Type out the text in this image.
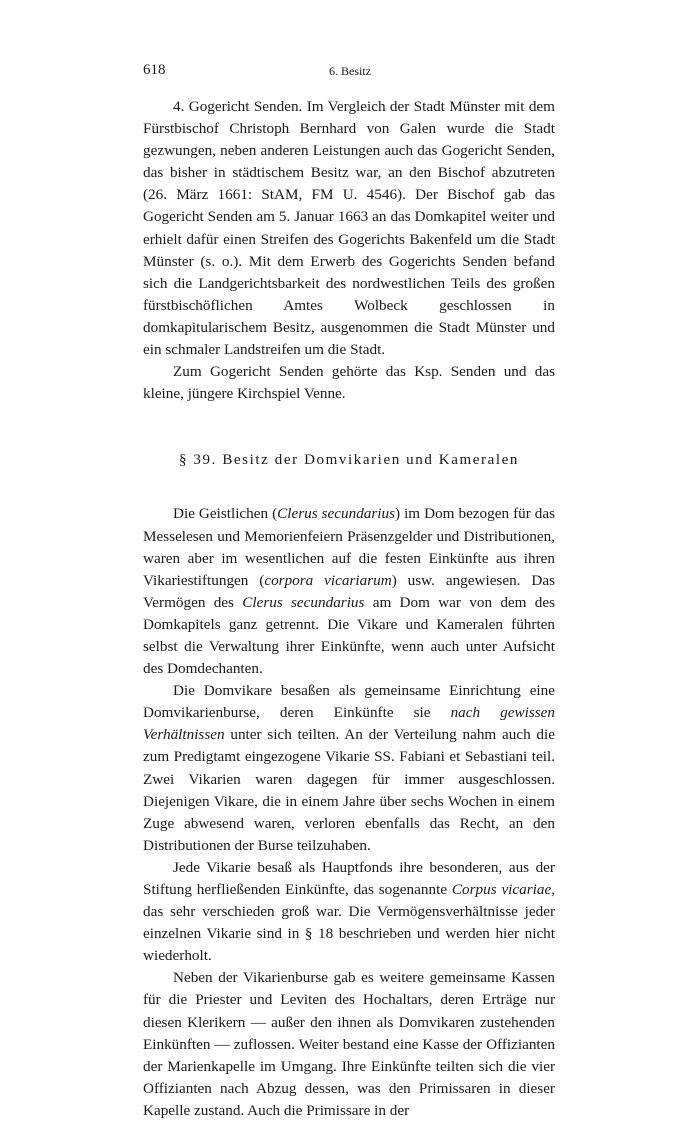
618	6. Besitz

4. Gogericht Senden. Im Vergleich der Stadt Münster mit dem Fürstbischof Christoph Bernhard von Galen wurde die Stadt gezwungen, neben anderen Leistungen auch das Gogericht Senden, das bisher in städtischem Besitz war, an den Bischof abzutreten (26. März 1661: StAM, FM U. 4546). Der Bischof gab das Gogericht Senden am 5. Januar 1663 an das Domkapitel weiter und erhielt dafür einen Streifen des Gogerichts Bakenfeld um die Stadt Münster (s. o.). Mit dem Erwerb des Gogerichts Senden befand sich die Landgerichtsbarkeit des nordwestlichen Teils des großen fürstbischöflichen Amtes Wolbeck geschlossen in domkapitularischem Besitz, ausgenommen die Stadt Münster und ein schmaler Landstreifen um die Stadt.

Zum Gogericht Senden gehörte das Ksp. Senden und das kleine, jüngere Kirchspiel Venne.

§ 39. Besitz der Domvikarien und Kameralen

Die Geistlichen (Clerus secundarius) im Dom bezogen für das Messelesen und Memorienfeiern Präsenzgelder und Distributionen, waren aber im wesentlichen auf die festen Einkünfte aus ihren Vikariestiftungen (corpora vicariarum) usw. angewiesen. Das Vermögen des Clerus secundarius am Dom war von dem des Domkapitels ganz getrennt. Die Vikare und Kameralen führten selbst die Verwaltung ihrer Einkünfte, wenn auch unter Aufsicht des Domdechanten.

Die Domvikare besaßen als gemeinsame Einrichtung eine Domvikarienburse, deren Einkünfte sie nach gewissen Verhältnissen unter sich teilten. An der Verteilung nahm auch die zum Predigtamt eingezogene Vikarie SS. Fabiani et Sebastiani teil. Zwei Vikarien waren dagegen für immer ausgeschlossen. Diejenigen Vikare, die in einem Jahre über sechs Wochen in einem Zuge abwesend waren, verloren ebenfalls das Recht, an den Distributionen der Burse teilzuhaben.

Jede Vikarie besaß als Hauptfonds ihre besonderen, aus der Stiftung herfließenden Einkünfte, das sogenannte Corpus vicariae, das sehr verschieden groß war. Die Vermögensverhältnisse jeder einzelnen Vikarie sind in § 18 beschrieben und werden hier nicht wiederholt.

Neben der Vikarienburse gab es weitere gemeinsame Kassen für die Priester und Leviten des Hochaltars, deren Erträge nur diesen Klerikern — außer den ihnen als Domvikaren zustehenden Einkünften — zuflossen. Weiter bestand eine Kasse der Offizianten der Marienkapelle im Umgang. Ihre Einkünfte teilten sich die vier Offizianten nach Abzug dessen, was den Primissaren in dieser Kapelle zustand. Auch die Primissare in der
